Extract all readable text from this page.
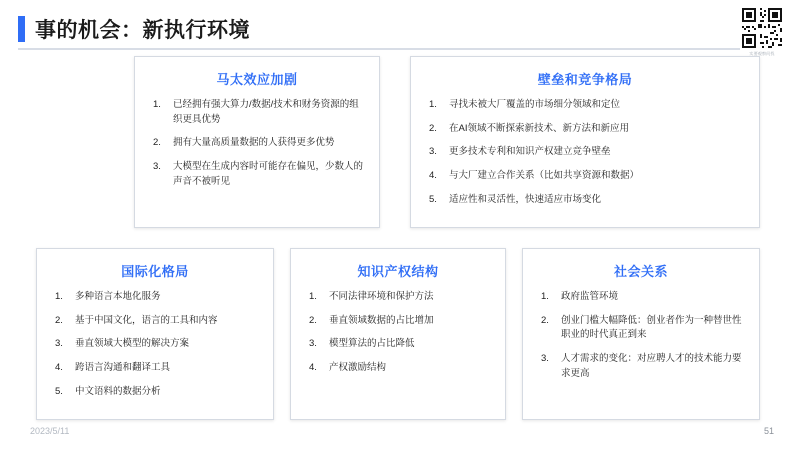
事的机会：新执行环境
实要观察问找
马太效应加剧
已经拥有强大算力/数据/技术和财务资源的组织更具优势
拥有大量高质量数据的人获得更多优势
大模型在生成内容时可能存在偏见，少数人的声音不被听见
壁垒和竞争格局
寻找未被大厂覆盖的市场细分领域和定位
在AI领域不断探索新技术、新方法和新应用
更多技术专利和知识产权建立竞争壁垒
与大厂建立合作关系（比如共享资源和数据）
适应性和灵活性，快速适应市场变化
国际化格局
多种语言本地化服务
基于中国文化，语言的工具和内容
垂直领域大模型的解决方案
跨语言沟通和翻译工具
中文语料的数据分析
知识产权结构
不同法律环境和保护方法
垂直领域数据的占比增加
模型算法的占比降低
产权激励结构
社会关系
政府监管环境
创业门槛大幅降低：创业者作为一种替世性职业的时代真正到来
人才需求的变化：对应聘人才的技术能力要求更高
2023/5/11	51
